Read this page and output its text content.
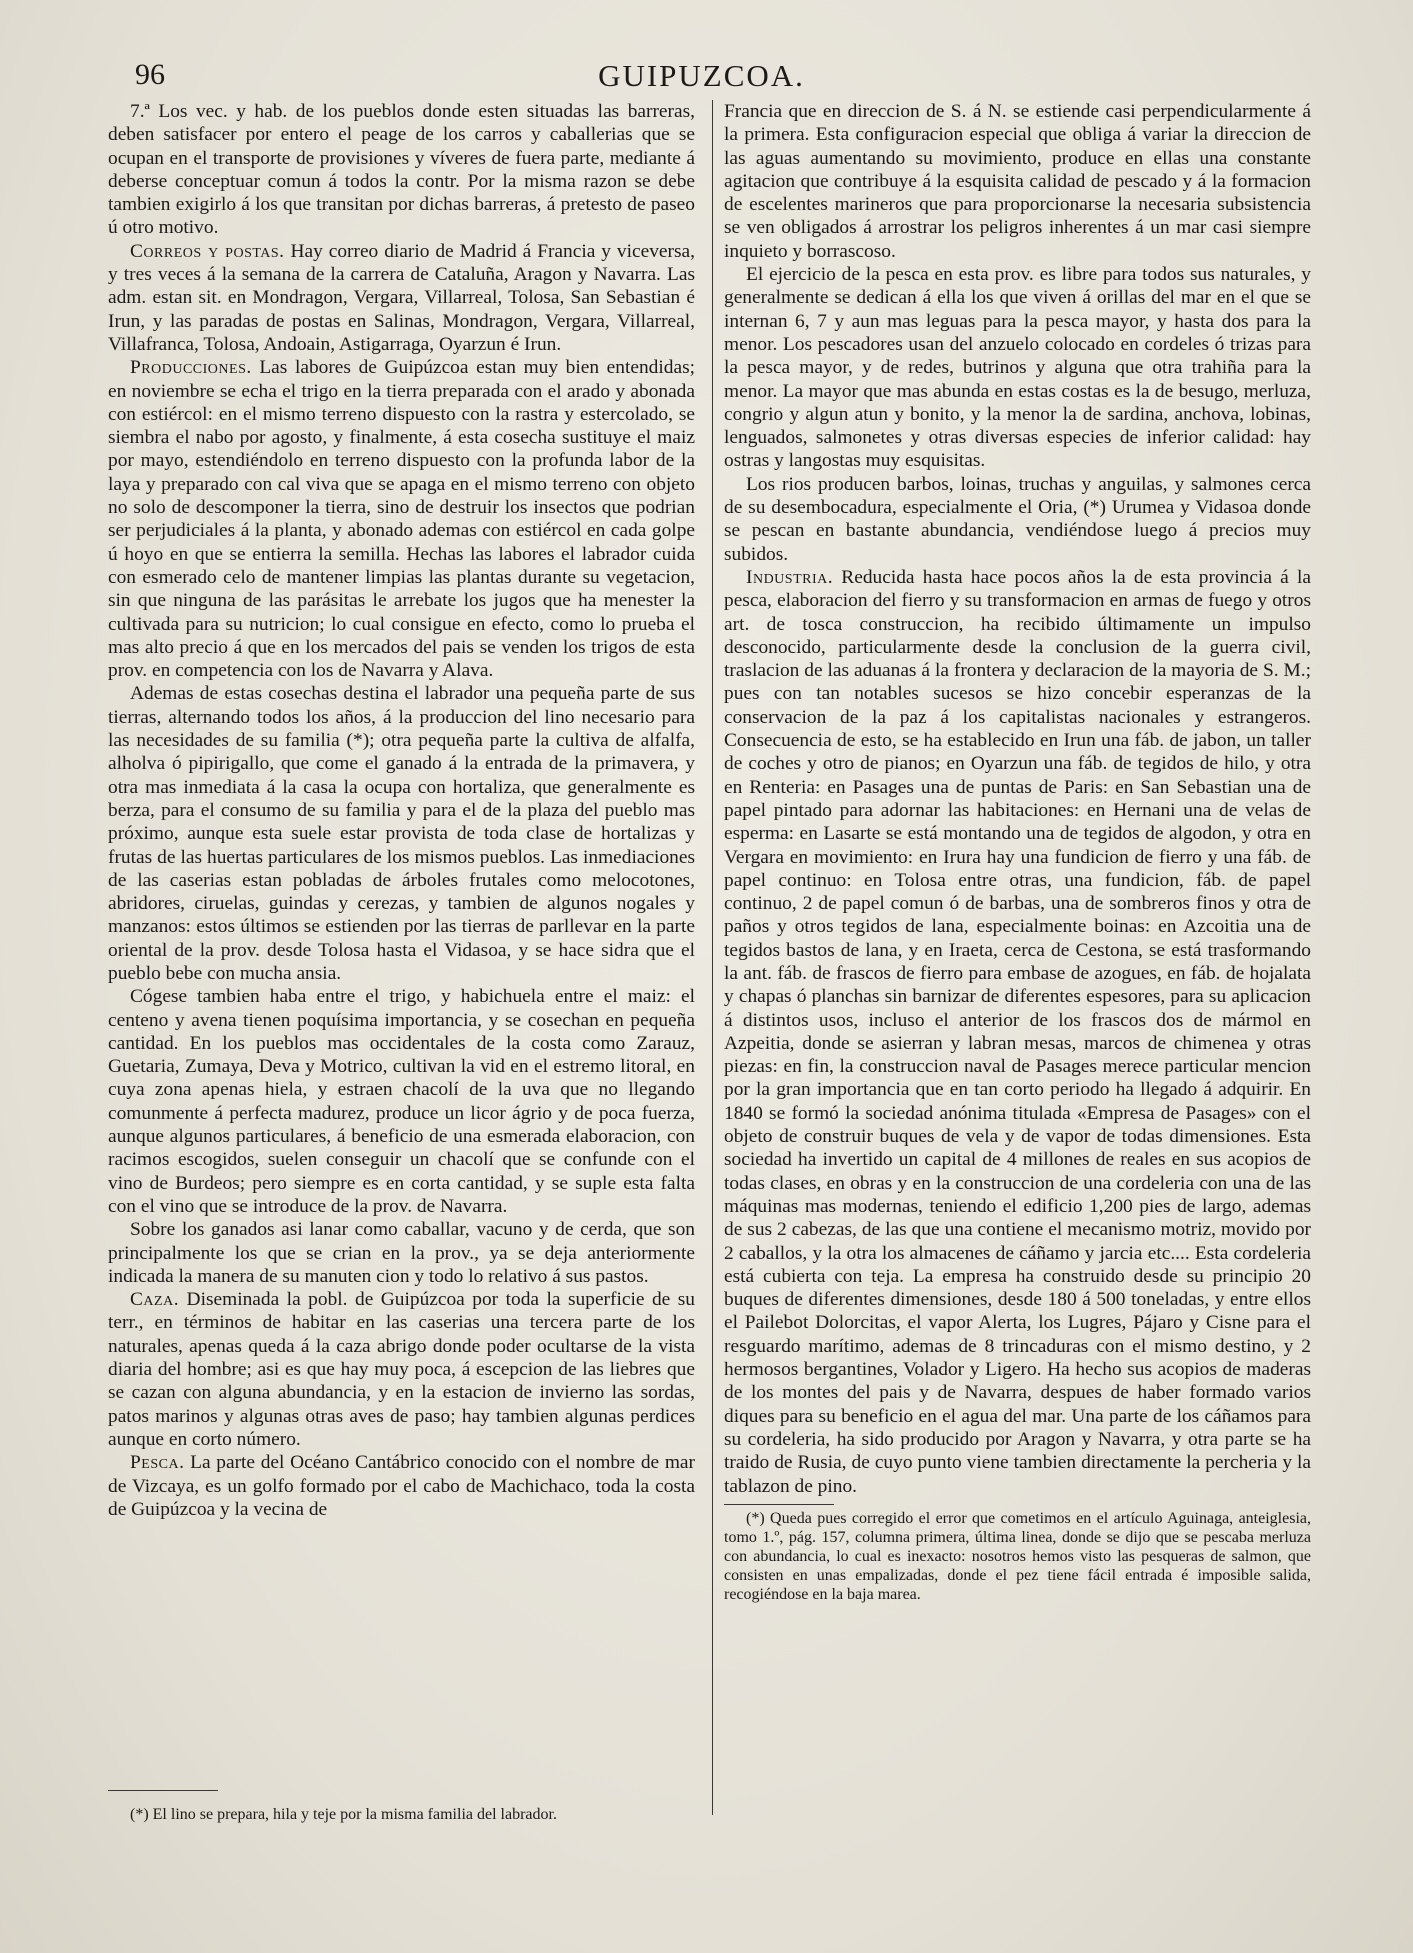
96	GUIPUZCOA.

7.ª Los vec. y hab. de los pueblos donde esten situadas las barreras, deben satisfacer por entero el peage de los carros y caballerias que se ocupan en el transporte de provisiones y víveres de fuera parte, mediante á deberse conceptuar comun á todos la contr. Por la misma razon se debe tambien exigirlo á los que transitan por dichas barreras, á pretesto de paseo ú otro motivo.

Correos y postas. Hay correo diario de Madrid á Francia y viceversa, y tres veces á la semana de la carrera de Cataluña, Aragon y Navarra. Las adm. estan sit. en Mondragon, Vergara, Villarreal, Tolosa, San Sebastian é Irun, y las paradas de postas en Salinas, Mondragon, Vergara, Villarreal, Villafranca, Tolosa, Andoain, Astigarraga, Oyarzun é Irun.

Producciones. Las labores de Guipúzcoa estan muy bien entendidas; en noviembre se echa el trigo en la tierra preparada con el arado y abonada con estiércol: en el mismo terreno dispuesto con la rastra y estercolado, se siembra el nabo por agosto, y finalmente, á esta cosecha sustituye el maiz por mayo, estendiéndolo en terreno dispuesto con la profunda labor de la laya y preparado con cal viva que se apaga en el mismo terreno con objeto no solo de descomponer la tierra, sino de destruir los insectos que podrian ser perjudiciales á la planta, y abonado ademas con estiércol en cada golpe ú hoyo en que se entierra la semilla. Hechas las labores el labrador cuida con esmerado celo de mantener limpias las plantas durante su vegetacion, sin que ninguna de las parásitas le arrebate los jugos que ha menester la cultivada para su nutricion; lo cual consigue en efecto, como lo prueba el mas alto precio á que en los mercados del pais se venden los trigos de esta prov. en competencia con los de Navarra y Alava.

Ademas de estas cosechas destina el labrador una pequeña parte de sus tierras, alternando todos los años, á la produccion del lino necesario para las necesidades de su familia (*); otra pequeña parte la cultiva de alfalfa, alholva ó pipirigallo, que come el ganado á la entrada de la primavera, y otra mas inmediata á la casa la ocupa con hortaliza, que generalmente es berza, para el consumo de su familia y para el de la plaza del pueblo mas próximo, aunque esta suele estar provista de toda clase de hortalizas y frutas de las huertas particulares de los mismos pueblos. Las inmediaciones de las caserias estan pobladas de árboles frutales como melocotones, abridores, ciruelas, guindas y cerezas, y tambien de algunos nogales y manzanos: estos últimos se estienden por las tierras de parllevar en la parte oriental de la prov. desde Tolosa hasta el Vidasoa, y se hace sidra que el pueblo bebe con mucha ansia.

Cógese tambien haba entre el trigo, y habichuela entre el maiz: el centeno y avena tienen poquísima importancia, y se cosechan en pequeña cantidad. En los pueblos mas occidentales de la costa como Zarauz, Guetaria, Zumaya, Deva y Motrico, cultivan la vid en el estremo litoral, en cuya zona apenas hiela, y estraen chacolí de la uva que no llegando comunmente á perfecta madurez, produce un licor ágrio y de poca fuerza, aunque algunos particulares, á beneficio de una esmerada elaboracion, con racimos escogidos, suelen conseguir un chacolí que se confunde con el vino de Burdeos; pero siempre es en corta cantidad, y se suple esta falta con el vino que se introduce de la prov. de Navarra.

Sobre los ganados asi lanar como caballar, vacuno y de cerda, que son principalmente los que se crian en la prov., ya se deja anteriormente indicada la manera de su manuten cion y todo lo relativo á sus pastos.

Caza. Diseminada la pobl. de Guipúzcoa por toda la superficie de su terr., en términos de habitar en las caserias una tercera parte de los naturales, apenas queda á la caza abrigo donde poder ocultarse de la vista diaria del hombre; asi es que hay muy poca, á escepcion de las liebres que se cazan con alguna abundancia, y en la estacion de invierno las sordas, patos marinos y algunas otras aves de paso; hay tambien algunas perdices aunque en corto número.

Pesca. La parte del Océano Cantábrico conocido con el nombre de mar de Vizcaya, es un golfo formado por el cabo de Machichaco, toda la costa de Guipúzcoa y la vecina de

(*) El lino se prepara, hila y teje por la misma familia del labrador.

Francia que en direccion de S. á N. se estiende casi perpendicularmente á la primera. Esta configuracion especial que obliga á variar la direccion de las aguas aumentando su movimiento, produce en ellas una constante agitacion que contribuye á la esquisita calidad de pescado y á la formacion de escelentes marineros que para proporcionarse la necesaria subsistencia se ven obligados á arrostrar los peligros inherentes á un mar casi siempre inquieto y borrascoso.

El ejercicio de la pesca en esta prov. es libre para todos sus naturales, y generalmente se dedican á ella los que viven á orillas del mar en el que se internan 6, 7 y aun mas leguas para la pesca mayor, y hasta dos para la menor. Los pescadores usan del anzuelo colocado en cordeles ó trizas para la pesca mayor, y de redes, butrinos y alguna que otra trahiña para la menor. La mayor que mas abunda en estas costas es la de besugo, merluza, congrio y algun atun y bonito, y la menor la de sardina, anchova, lobinas, lenguados, salmonetes y otras diversas especies de inferior calidad: hay ostras y langostas muy esquisitas.

Los rios producen barbos, loinas, truchas y anguilas, y salmones cerca de su desembocadura, especialmente el Oria, (*) Urumea y Vidasoa donde se pescan en bastante abundancia, vendiéndose luego á precios muy subidos.

Industria. Reducida hasta hace pocos años la de esta provincia á la pesca, elaboracion del fierro y su transformacion en armas de fuego y otros art. de tosca construccion, ha recibido últimamente un impulso desconocido, particularmente desde la conclusion de la guerra civil, traslacion de las aduanas á la frontera y declaracion de la mayoria de S. M.; pues con tan notables sucesos se hizo concebir esperanzas de la conservacion de la paz á los capitalistas nacionales y estrangeros. Consecuencia de esto, se ha establecido en Irun una fáb. de jabon, un taller de coches y otro de pianos; en Oyarzun una fáb. de tegidos de hilo, y otra en Renteria: en Pasages una de puntas de Paris: en San Sebastian una de papel pintado para adornar las habitaciones: en Hernani una de velas de esperma: en Lasarte se está montando una de tegidos de algodon, y otra en Vergara en movimiento: en Irura hay una fundicion de fierro y una fáb. de papel continuo: en Tolosa entre otras, una fundicion, fáb. de papel continuo, 2 de papel comun ó de barbas, una de sombreros finos y otra de paños y otros tegidos de lana, especialmente boinas: en Azcoitia una de tegidos bastos de lana, y en Iraeta, cerca de Cestona, se está trasformando la ant. fáb. de frascos de fierro para embase de azogues, en fáb. de hojalata y chapas ó planchas sin barnizar de diferentes espesores, para su aplicacion á distintos usos, incluso el anterior de los frascos dos de mármol en Azpeitia, donde se asierran y labran mesas, marcos de chimenea y otras piezas: en fin, la construccion naval de Pasages merece particular mencion por la gran importancia que en tan corto periodo ha llegado á adquirir. En 1840 se formó la sociedad anónima titulada «Empresa de Pasages» con el objeto de construir buques de vela y de vapor de todas dimensiones. Esta sociedad ha invertido un capital de 4 millones de reales en sus acopios de todas clases, en obras y en la construccion de una cordeleria con una de las máquinas mas modernas, teniendo el edificio 1,200 pies de largo, ademas de sus 2 cabezas, de las que una contiene el mecanismo motriz, movido por 2 caballos, y la otra los almacenes de cáñamo y jarcia etc.... Esta cordeleria está cubierta con teja. La empresa ha construido desde su principio 20 buques de diferentes dimensiones, desde 180 á 500 toneladas, y entre ellos el Pailebot Dolorcitas, el vapor Alerta, los Lugres, Pájaro y Cisne para el resguardo marítimo, ademas de 8 trincaduras con el mismo destino, y 2 hermosos bergantines, Volador y Ligero. Ha hecho sus acopios de maderas de los montes del pais y de Navarra, despues de haber formado varios diques para su beneficio en el agua del mar. Una parte de los cáñamos para su cordeleria, ha sido producido por Aragon y Navarra, y otra parte se ha traido de Rusia, de cuyo punto viene tambien directamente la percheria y la tablazon de pino.

(*) Queda pues corregido el error que cometimos en el artículo Aguinaga, anteiglesia, tomo 1.º, pág. 157, columna primera, última linea, donde se dijo que se pescaba merluza con abundancia, lo cual es inexacto: nosotros hemos visto las pesqueras de salmon, que consisten en unas empalizadas, donde el pez tiene fácil entrada é imposible salida, recogiéndose en la baja marea.
